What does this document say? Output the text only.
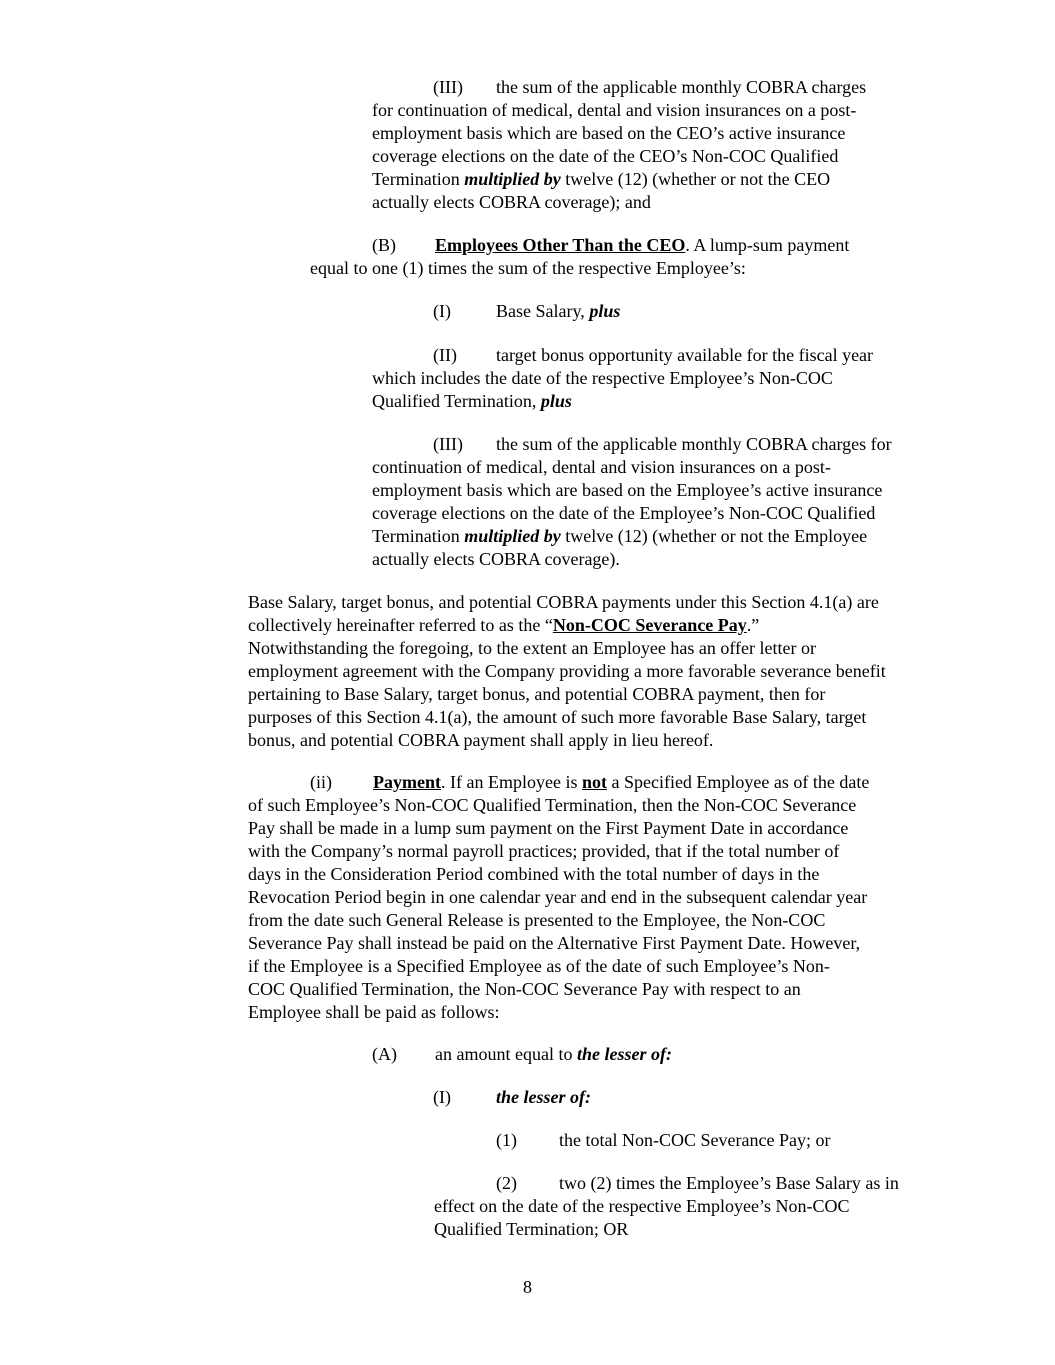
(III) the sum of the applicable monthly COBRA charges
for continuation of medical, dental and vision insurances on a post-
employment basis which are based on the CEO’s active insurance
coverage elections on the date of the CEO’s Non-COC Qualified
Termination multiplied by twelve (12) (whether or not the CEO
actually elects COBRA coverage); and
(B) Employees Other Than the CEO. A lump-sum payment
equal to one (1) times the sum of the respective Employee’s:
(I)	Base Salary, plus
(II) target bonus opportunity available for the fiscal year
which includes the date of the respective Employee’s Non-COC
Qualified Termination, plus
(III) the sum of the applicable monthly COBRA charges for
continuation of medical, dental and vision insurances on a post-
employment basis which are based on the Employee’s active insurance
coverage elections on the date of the Employee’s Non-COC Qualified
Termination multiplied by twelve (12) (whether or not the Employee
actually elects COBRA coverage).
Base Salary, target bonus, and potential COBRA payments under this Section 4.1(a) are
collectively hereinafter referred to as the “Non-COC Severance Pay.”
Notwithstanding the foregoing, to the extent an Employee has an offer letter or
employment agreement with the Company providing a more favorable severance benefit
pertaining to Base Salary, target bonus, and potential COBRA payment, then for
purposes of this Section 4.1(a), the amount of such more favorable Base Salary, target
bonus, and potential COBRA payment shall apply in lieu hereof.
(ii) Payment. If an Employee is not a Specified Employee as of the date
of such Employee’s Non-COC Qualified Termination, then the Non-COC Severance
Pay shall be made in a lump sum payment on the First Payment Date in accordance
with the Company’s normal payroll practices; provided, that if the total number of
days in the Consideration Period combined with the total number of days in the
Revocation Period begin in one calendar year and end in the subsequent calendar year
from the date such General Release is presented to the Employee, the Non-COC
Severance Pay shall instead be paid on the Alternative First Payment Date. However,
if the Employee is a Specified Employee as of the date of such Employee’s Non-
COC Qualified Termination, the Non-COC Severance Pay with respect to an
Employee shall be paid as follows:
(A) an amount equal to the lesser of:
(I)	the lesser of:
(1) the total Non-COC Severance Pay; or
(2) two (2) times the Employee’s Base Salary as in
effect on the date of the respective Employee’s Non-COC
Qualified Termination; OR
8
